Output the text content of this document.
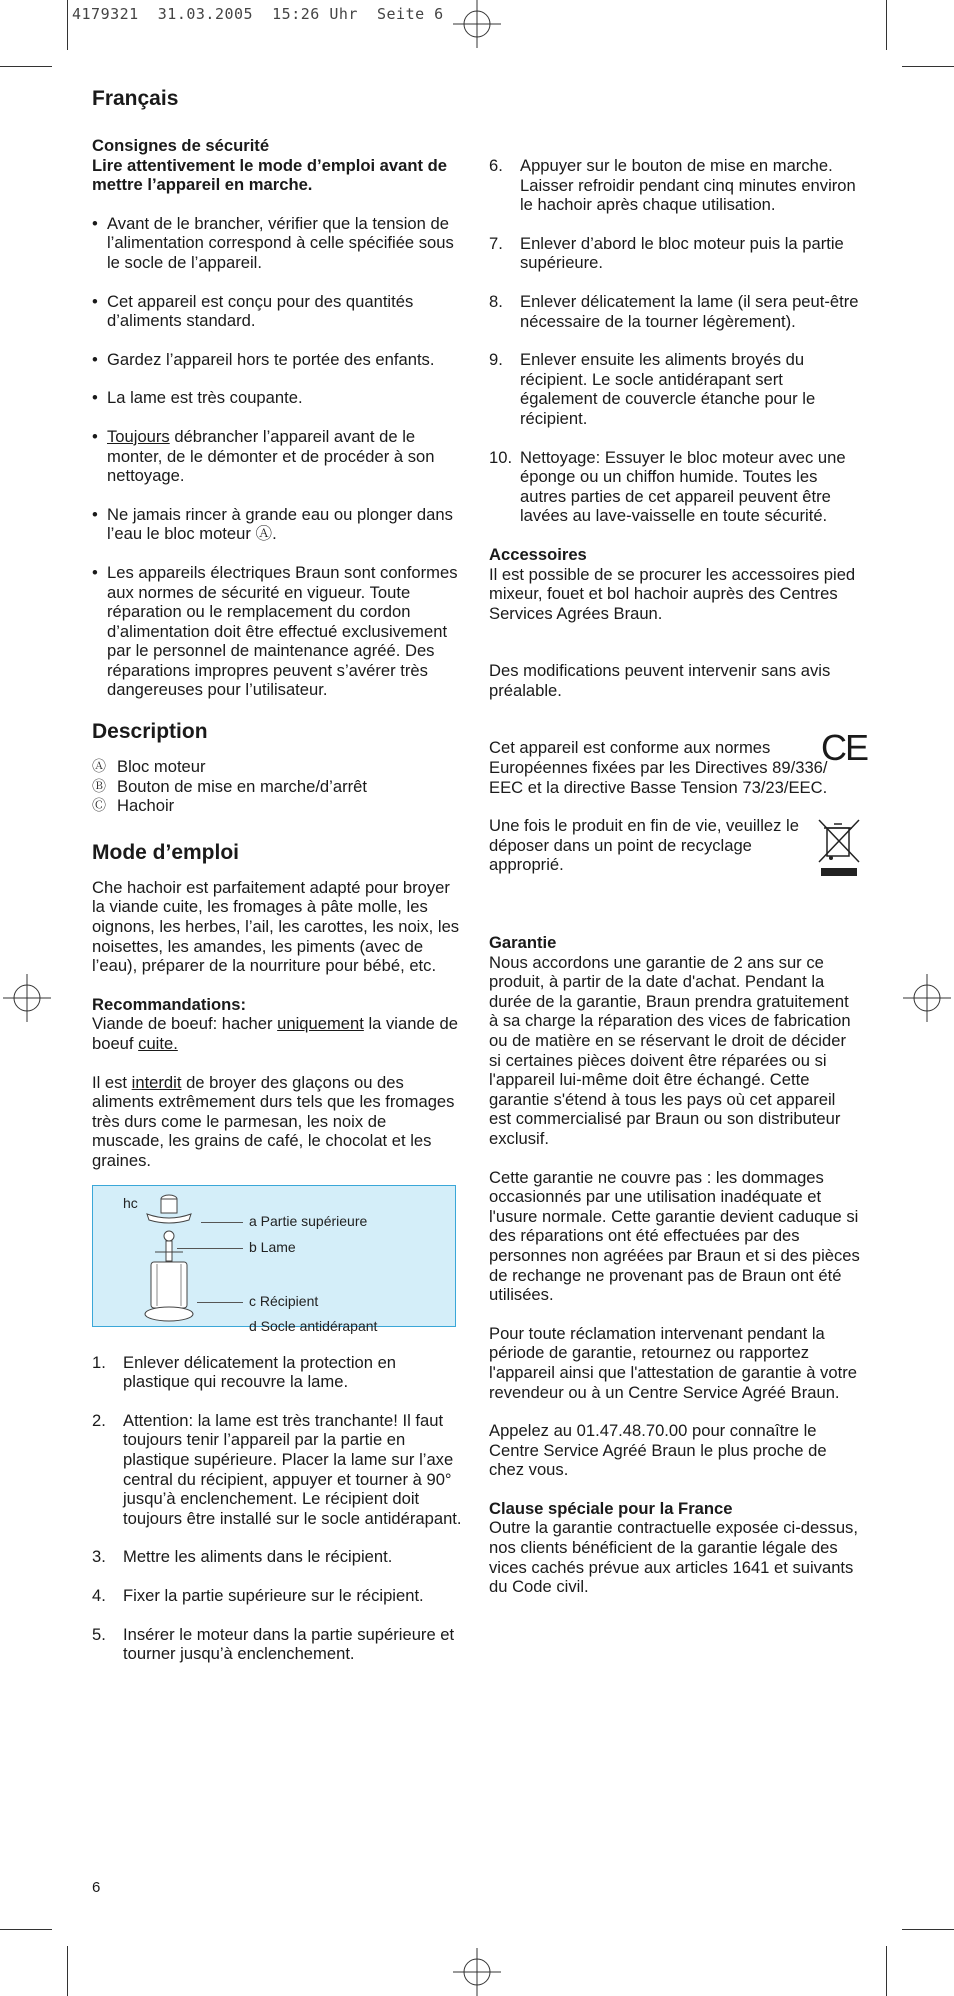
4179321  31.03.2005  15:26 Uhr  Seite 6
Français

Consignes de sécurité

Lire attentivement le mode d’emploi avant de mettre l’appareil en marche.

• Avant de le brancher, vérifier que la tension de l’alimentation correspond à celle spécifiée sous le socle de l’appareil.
• Cet appareil est conçu pour des quantités d’aliments standard.
• Gardez l’appareil hors te portée des enfants.
• La lame est très coupante.
• Toujours débrancher l’appareil avant de le monter, de le démonter et de procéder à son nettoyage.
• Ne jamais rincer à grande eau ou plonger dans l’eau le bloc moteur Ⓐ.
• Les appareils électriques Braun sont conformes aux normes de sécurité en vigueur. Toute réparation ou le remplacement du cordon d’alimentation doit être effectué exclusivement par le personnel de maintenance agréé. Des réparations impropres peuvent s’avérer très dangereuses pour l’utilisateur.
Description
Ⓐ Bloc moteur
Ⓑ Bouton de mise en marche/d’arrêt
Ⓒ Hachoir
Mode d’emploi

Che hachoir est parfaitement adapté pour broyer la viande cuite, les fromages à pâte molle, les oignons, les herbes, l’ail, les carottes, les noix, les noisettes, les amandes, les piments (avec de l’eau), préparer de la nourriture pour bébé, etc.

Recommandations:

Viande de boeuf: hacher uniquement la viande de boeuf cuite.

Il est interdit de broyer des glaçons ou des aliments extrêmement durs tels que les fromages très durs come le parmesan, les noix de muscade, les grains de café, le chocolat et les graines.

hc
a Partie supérieure
b Lame
c Récipient
d Socle antidérapant
1.	Enlever délicatement la protection en plastique qui recouvre la lame.
2.	Attention: la lame est très tranchante! Il faut toujours tenir l’appareil par la partie en plastique supérieure. Placer la lame sur l’axe central du récipient, appuyer et tourner à 90° jusqu’à enclenchement. Le récipient doit toujours être installé sur le socle antidérapant.
3.	Mettre les aliments dans le récipient.
4.	Fixer la partie supérieure sur le récipient.
5.	Insérer le moteur dans la partie supérieure et tourner jusqu’à enclenchement.
6.	Appuyer sur le bouton de mise en marche. Laisser refroidir pendant cinq minutes environ le hachoir après chaque utilisation.
7.	Enlever d’abord le bloc moteur puis la partie supérieure.
8.	Enlever délicatement la lame (il sera peut-être nécessaire de la tourner légèrement).
9.	Enlever ensuite les aliments broyés du récipient. Le socle antidérapant sert également de couvercle étanche pour le récipient.
10. Nettoyage: Essuyer le bloc moteur avec une éponge ou un chiffon humide. Toutes les autres parties de cet appareil peuvent être lavées au lave-vaisselle en toute sécurité.

Accessoires

Il est possible de se procurer les accessoires pied mixeur, fouet et bol hachoir auprès des Centres Services Agrées Braun.

Des modifications peuvent intervenir sans avis préalable.

Cet appareil est conforme aux normes Européennes fixées par les Directives 89/336/ EEC et la directive Basse Tension 73/23/EEC.

CE

Une fois le produit en fin de vie, veuillez le déposer dans un point de recyclage approprié.

Garantie

Nous accordons une garantie de 2 ans sur ce produit, à partir de la date d'achat. Pendant la durée de la garantie, Braun prendra gratuitement à sa charge la réparation des vices de fabrication ou de matière en se réservant le droit de décider si certaines pièces doivent être réparées ou si l'appareil lui-même doit être échangé. Cette garantie s'étend à tous les pays où cet appareil est commercialisé par Braun ou son distributeur exclusif.

Cette garantie ne couvre pas : les dommages occasionnés par une utilisation inadéquate et l'usure normale. Cette garantie devient caduque si des réparations ont été effectuées par des personnes non agréées par Braun et si des pièces de rechange ne provenant pas de Braun ont été utilisées.

Pour toute réclamation intervenant pendant la période de garantie, retournez ou rapportez l'appareil ainsi que l'attestation de garantie à votre revendeur ou à un Centre Service Agréé Braun.

Appelez au 01.47.48.70.00 pour connaître le Centre Service Agréé Braun le plus proche de chez vous.

Clause spéciale pour la France

Outre la garantie contractuelle exposée ci-dessus, nos clients bénéficient de la garantie légale des vices cachés prévue aux articles 1641 et suivants du Code civil.

6
